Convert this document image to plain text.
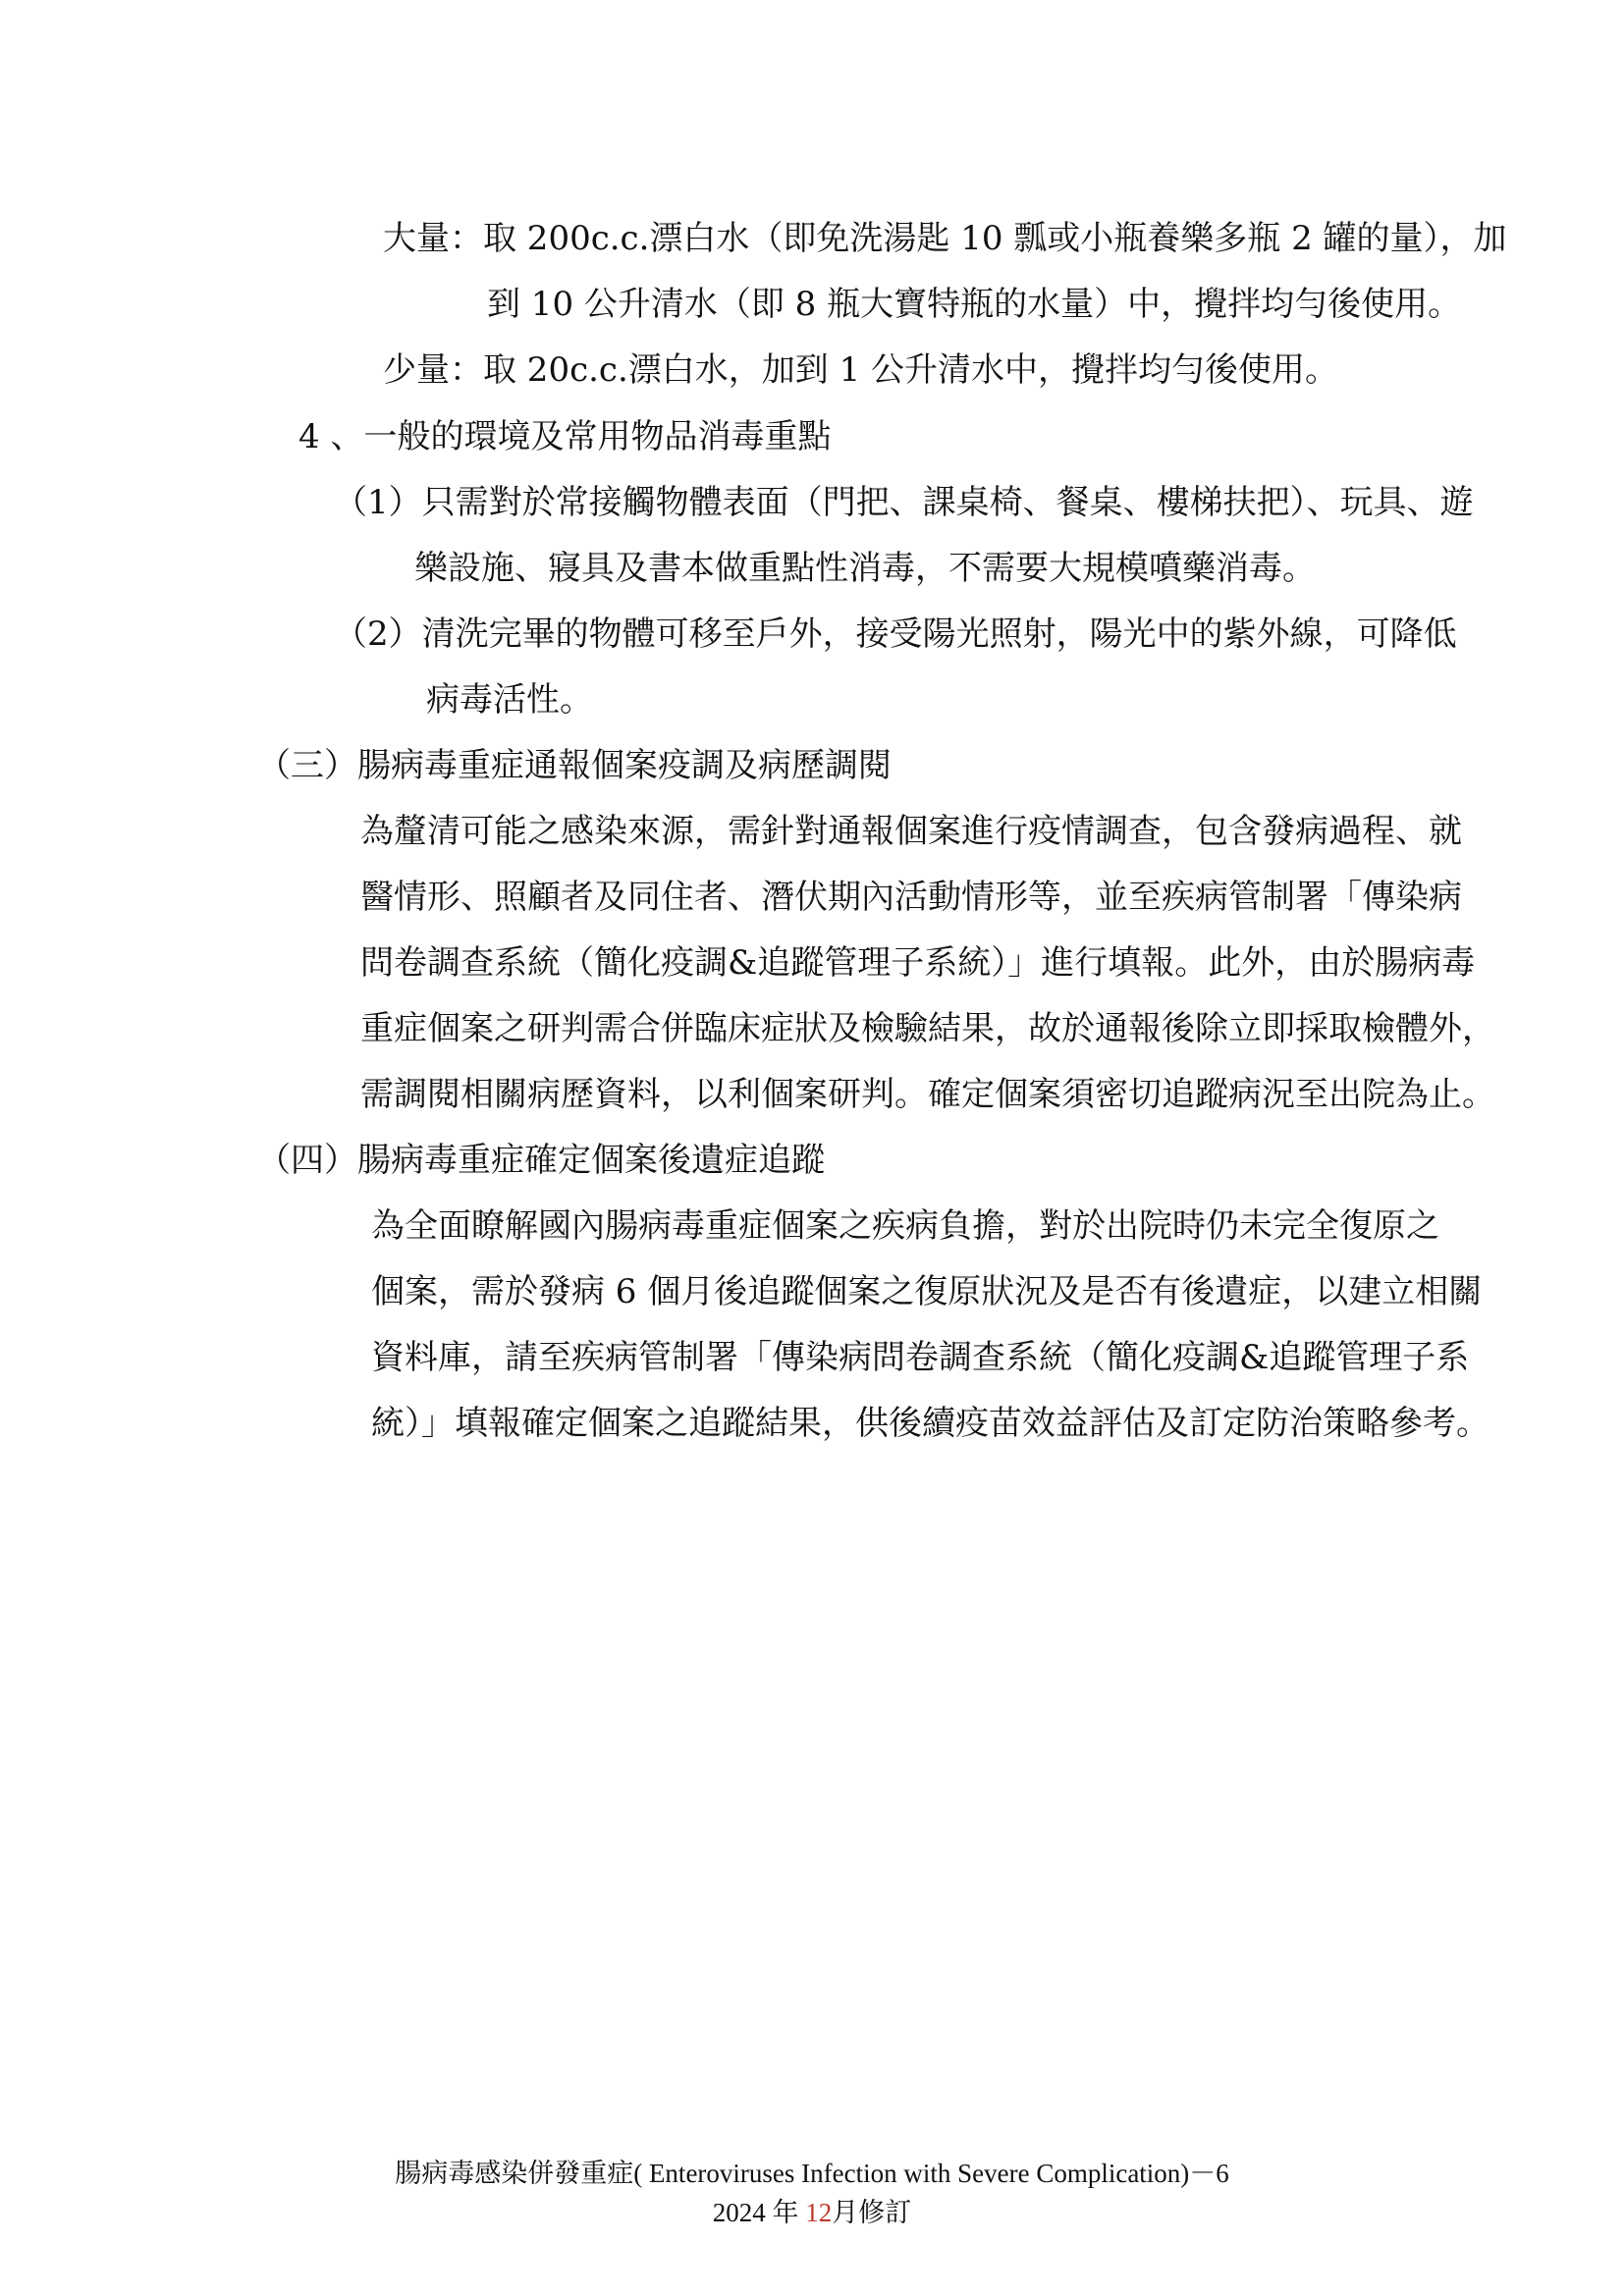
大量：取 200c.c.漂白水（即免洗湯匙 10 瓢或小瓶養樂多瓶 2 罐的量），加
到 10 公升清水（即 8 瓶大寶特瓶的水量）中，攪拌均勻後使用。
少量：取 20c.c.漂白水，加到 1 公升清水中，攪拌均勻後使用。
4 、一般的環境及常用物品消毒重點
（1）只需對於常接觸物體表面（門把、課桌椅、餐桌、樓梯扶把）、玩具、遊
樂設施、寢具及書本做重點性消毒，不需要大規模噴藥消毒。
（2）清洗完畢的物體可移至戶外，接受陽光照射，陽光中的紫外線，可降低
病毒活性。
（三）腸病毒重症通報個案疫調及病歷調閱
為釐清可能之感染來源，需針對通報個案進行疫情調查，包含發病過程、就
醫情形、照顧者及同住者、潛伏期內活動情形等，並至疾病管制署「傳染病
問卷調查系統（簡化疫調&追蹤管理子系統）」進行填報。此外，由於腸病毒
重症個案之研判需合併臨床症狀及檢驗結果，故於通報後除立即採取檢體外，
需調閱相關病歷資料，以利個案研判。確定個案須密切追蹤病況至出院為止。
（四）腸病毒重症確定個案後遺症追蹤
為全面瞭解國內腸病毒重症個案之疾病負擔，對於出院時仍未完全復原之
個案，需於發病 6 個月後追蹤個案之復原狀況及是否有後遺症，以建立相關
資料庫，請至疾病管制署「傳染病問卷調查系統（簡化疫調&追蹤管理子系
統）」填報確定個案之追蹤結果，供後續疫苗效益評估及訂定防治策略參考。
腸病毒感染併發重症( Enteroviruses Infection with Severe Complication)－6
2024 年 12月修訂
